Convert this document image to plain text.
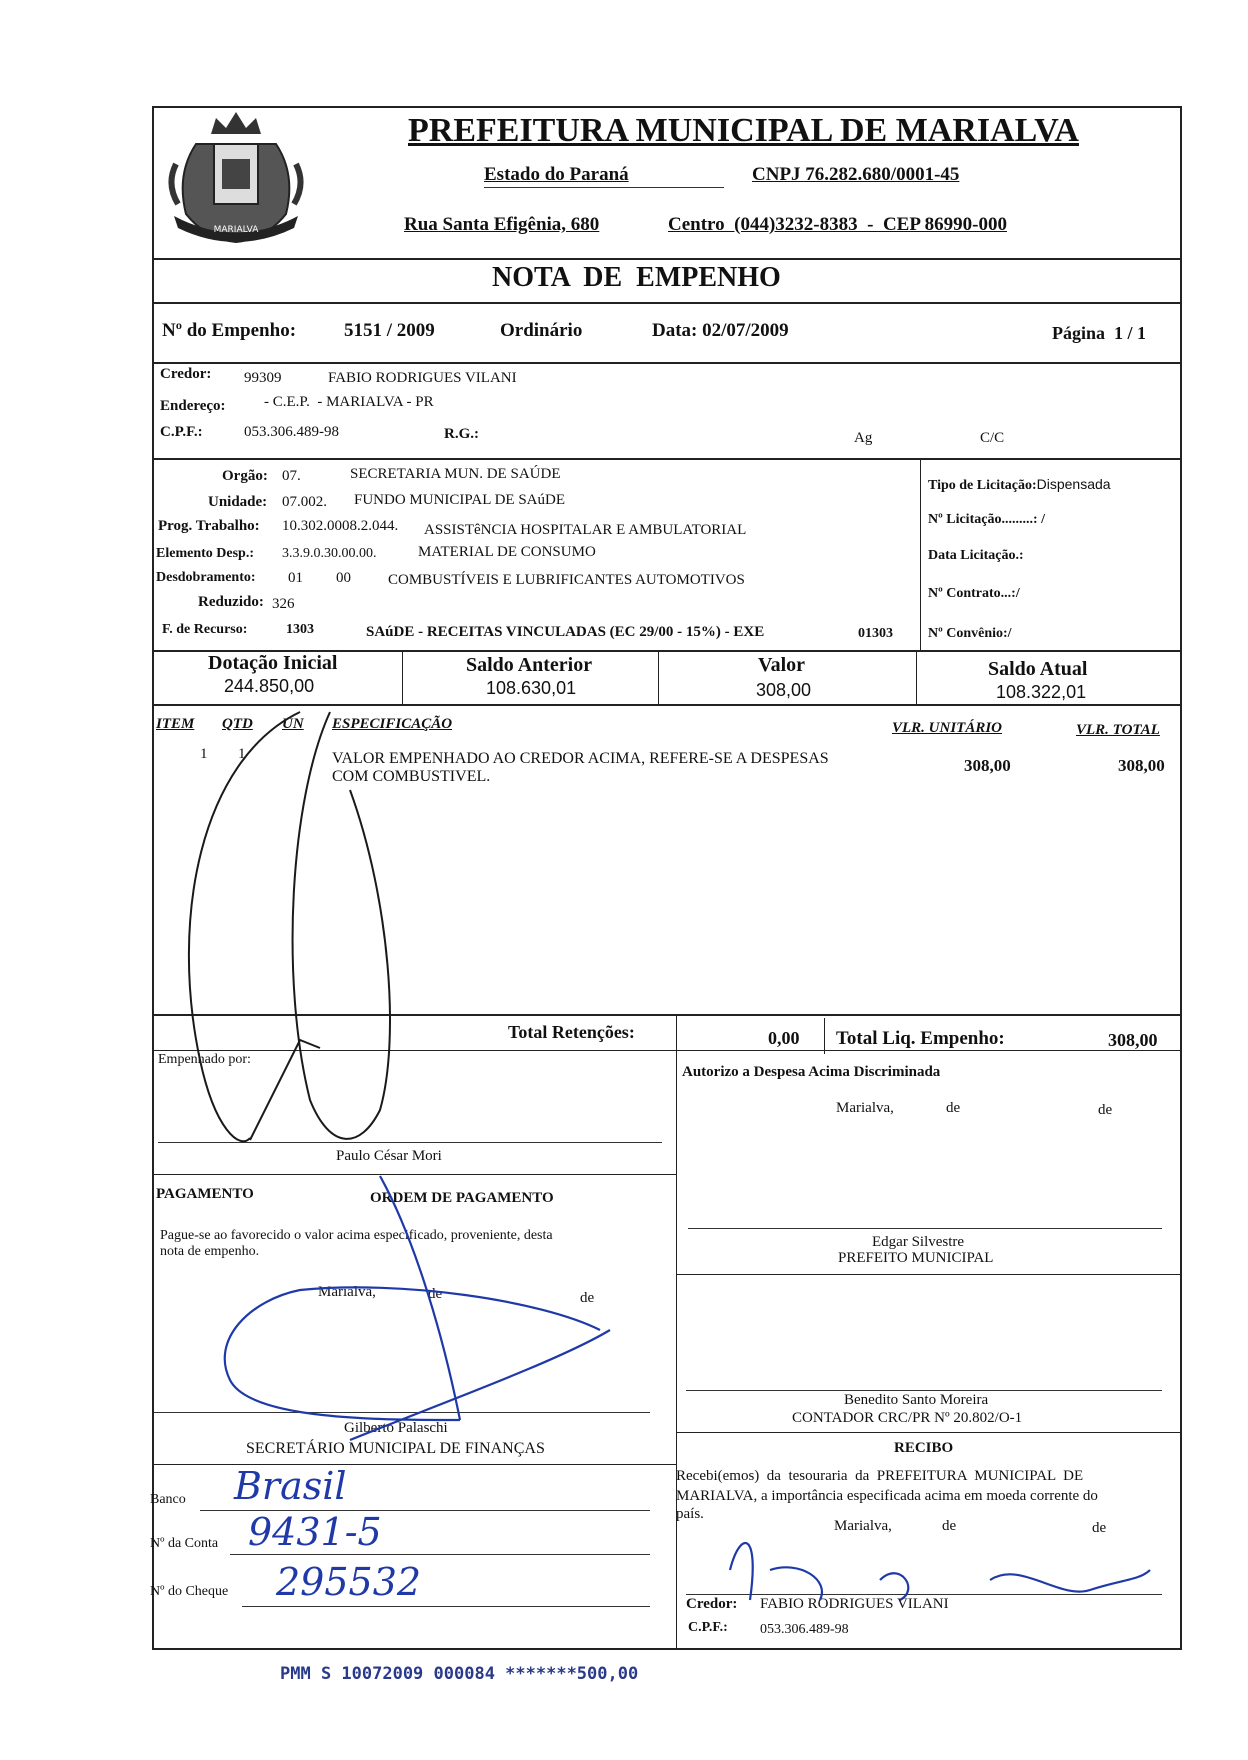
MARIALVA
PREFEITURA MUNICIPAL DE MARIALVA
Estado do Paraná	CNPJ 76.282.680/0001-45
Rua Santa Efigênia, 680	Centro  (044)3232-8383  -  CEP 86990-000
NOTA  DE  EMPENHO
Nº do Empenho:	5151 / 2009	Ordinário	Data: 02/07/2009	Página  1 / 1
Credor: 99309	FABIO RODRIGUES VILANI
Endereço:	- C.E.P.  - MARIALVA - PR
C.P.F.:	053.306.489-98	R.G.:	Ag	C/C
Orgão: 07.	SECRETARIA MUN. DE SAÚDE
Unidade: 07.002. FUNDO MUNICIPAL DE SAúDE
Prog. Trabalho: 10.302.0008.2.044. ASSISTêNCIA HOSPITALAR E AMBULATORIAL
Elemento Desp.: 3.3.9.0.30.00.00.	MATERIAL DE CONSUMO
Desdobramento: 01 00 COMBUSTÍVEIS E LUBRIFICANTES AUTOMOTIVOS
Reduzido: 326
F. de Recurso:	1303	SAúDE - RECEITAS VINCULADAS (EC 29/00 - 15%) - EXE	01303
Tipo de Licitação:Dispensada
Nº Licitação.........: /
Data Licitação.:
Nº Contrato...:/
Nº Convênio:/
Dotação Inicial
244.850,00
Saldo Anterior
108.630,01
Valor
308,00
Saldo Atual
108.322,01
ITEM QTD UN ESPECIFICAÇÃO	VLR. UNITÁRIO	VLR. TOTAL
1 1	VALOR EMPENHADO AO CREDOR ACIMA, REFERE-SE A DESPESAS
COM COMBUSTIVEL.
308,00	308,00
Total Retenções:	0,00 Total Liq. Empenho:	308,00
Empenhado por:
Paulo César Mori
Autorizo a Despesa Acima Discriminada
Marialva,	de	de
Edgar Silvestre
PREFEITO MUNICIPAL
PAGAMENTO	ORDEM DE PAGAMENTO
Pague-se ao favorecido o valor acima especificado, proveniente, desta
nota de empenho.
Marialva,	de	de
Gilberto Palaschi
SECRETÁRIO MUNICIPAL DE FINANÇAS
Banco Brasil
Nº da Conta 9431-5
Nº do Cheque 295532
Benedito Santo Moreira
CONTADOR CRC/PR Nº 20.802/O-1
RECIBO
Recebi(emos)  da  tesouraria  da  PREFEITURA  MUNICIPAL  DE
MARIALVA, a importância especificada acima em moeda corrente do
país.
Marialva,	de	de
Credor: FABIO RODRIGUES VILANI
C.P.F.: 053.306.489-98
PMM S 10072009 000084 *******500,00
